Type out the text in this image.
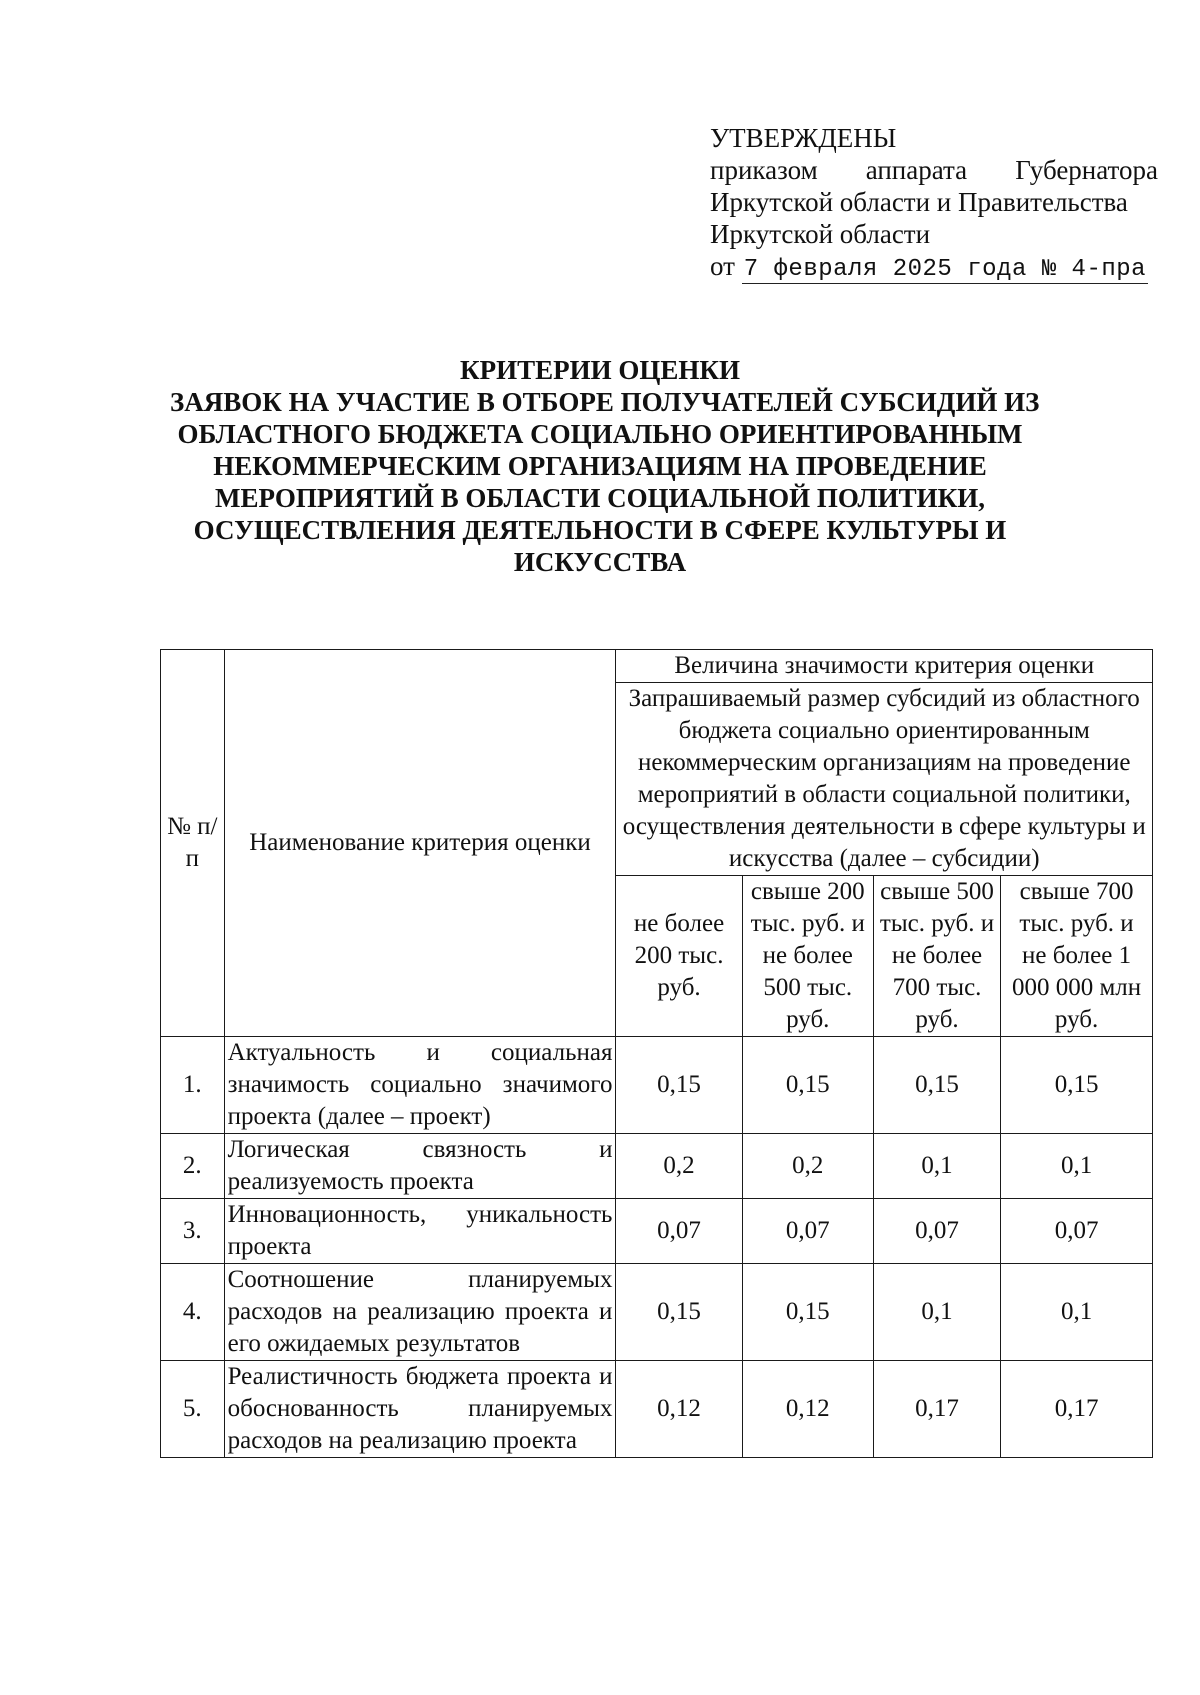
УТВЕРЖДЕНЫ
приказом аппарата Губернатора
Иркутской области и Правительства
Иркутской области
от 7 февраля 2025 года № 4-пра
КРИТЕРИИ ОЦЕНКИ
ЗАЯВОК НА УЧАСТИЕ В ОТБОРЕ ПОЛУЧАТЕЛЕЙ СУБСИДИЙ ИЗ
ОБЛАСТНОГО БЮДЖЕТА СОЦИАЛЬНО ОРИЕНТИРОВАННЫМ
НЕКОММЕРЧЕСКИМ ОРГАНИЗАЦИЯМ НА ПРОВЕДЕНИЕ
МЕРОПРИЯТИЙ В ОБЛАСТИ СОЦИАЛЬНОЙ ПОЛИТИКИ,
ОСУЩЕСТВЛЕНИЯ ДЕЯТЕЛЬНОСТИ В СФЕРЕ КУЛЬТУРЫ И
ИСКУССТВА
№ п/п	Наименование критерия оценки	Величина значимости критерия оценки			
		Запрашиваемый размер субсидий из областного бюджета социально ориентированным некоммерческим организациям на проведение мероприятий в области социальной политики, осуществления деятельности в сфере культуры и искусства (далее – субсидии)			
		не более 200 тыс. руб.	свыше 200 тыс. руб. и не более 500 тыс. руб.	свыше 500 тыс. руб. и не более 700 тыс. руб.	свыше 700 тыс. руб. и не более 1 000 000 млн руб.
1.	Актуальность и социальная значимость социально значимого проекта (далее – проект)	0,15	0,15	0,15	0,15
2.	Логическая связность и реализуемость проекта	0,2	0,2	0,1	0,1
3.	Инновационность, уникальность проекта	0,07	0,07	0,07	0,07
4.	Соотношение планируемых расходов на реализацию проекта и его ожидаемых результатов	0,15	0,15	0,1	0,1
5.	Реалистичность бюджета проекта и обоснованность планируемых расходов на реализацию проекта	0,12	0,12	0,17	0,17
